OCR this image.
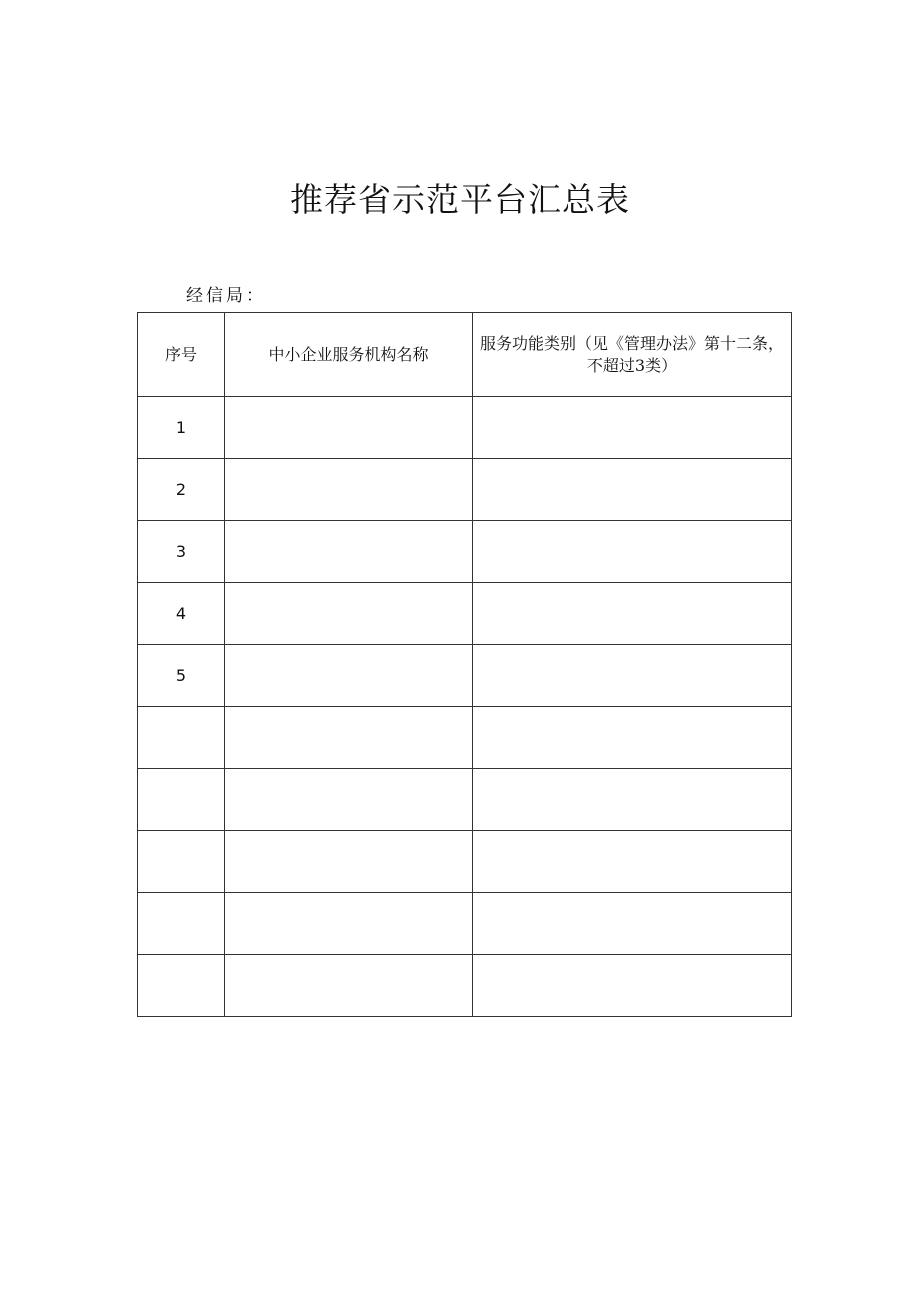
推荐省示范平台汇总表
经信局：
序号	中小企业服务机构名称	服务功能类别（见《管理办法》第十二条，不超过3类）
1		
2		
3		
4		
5		
